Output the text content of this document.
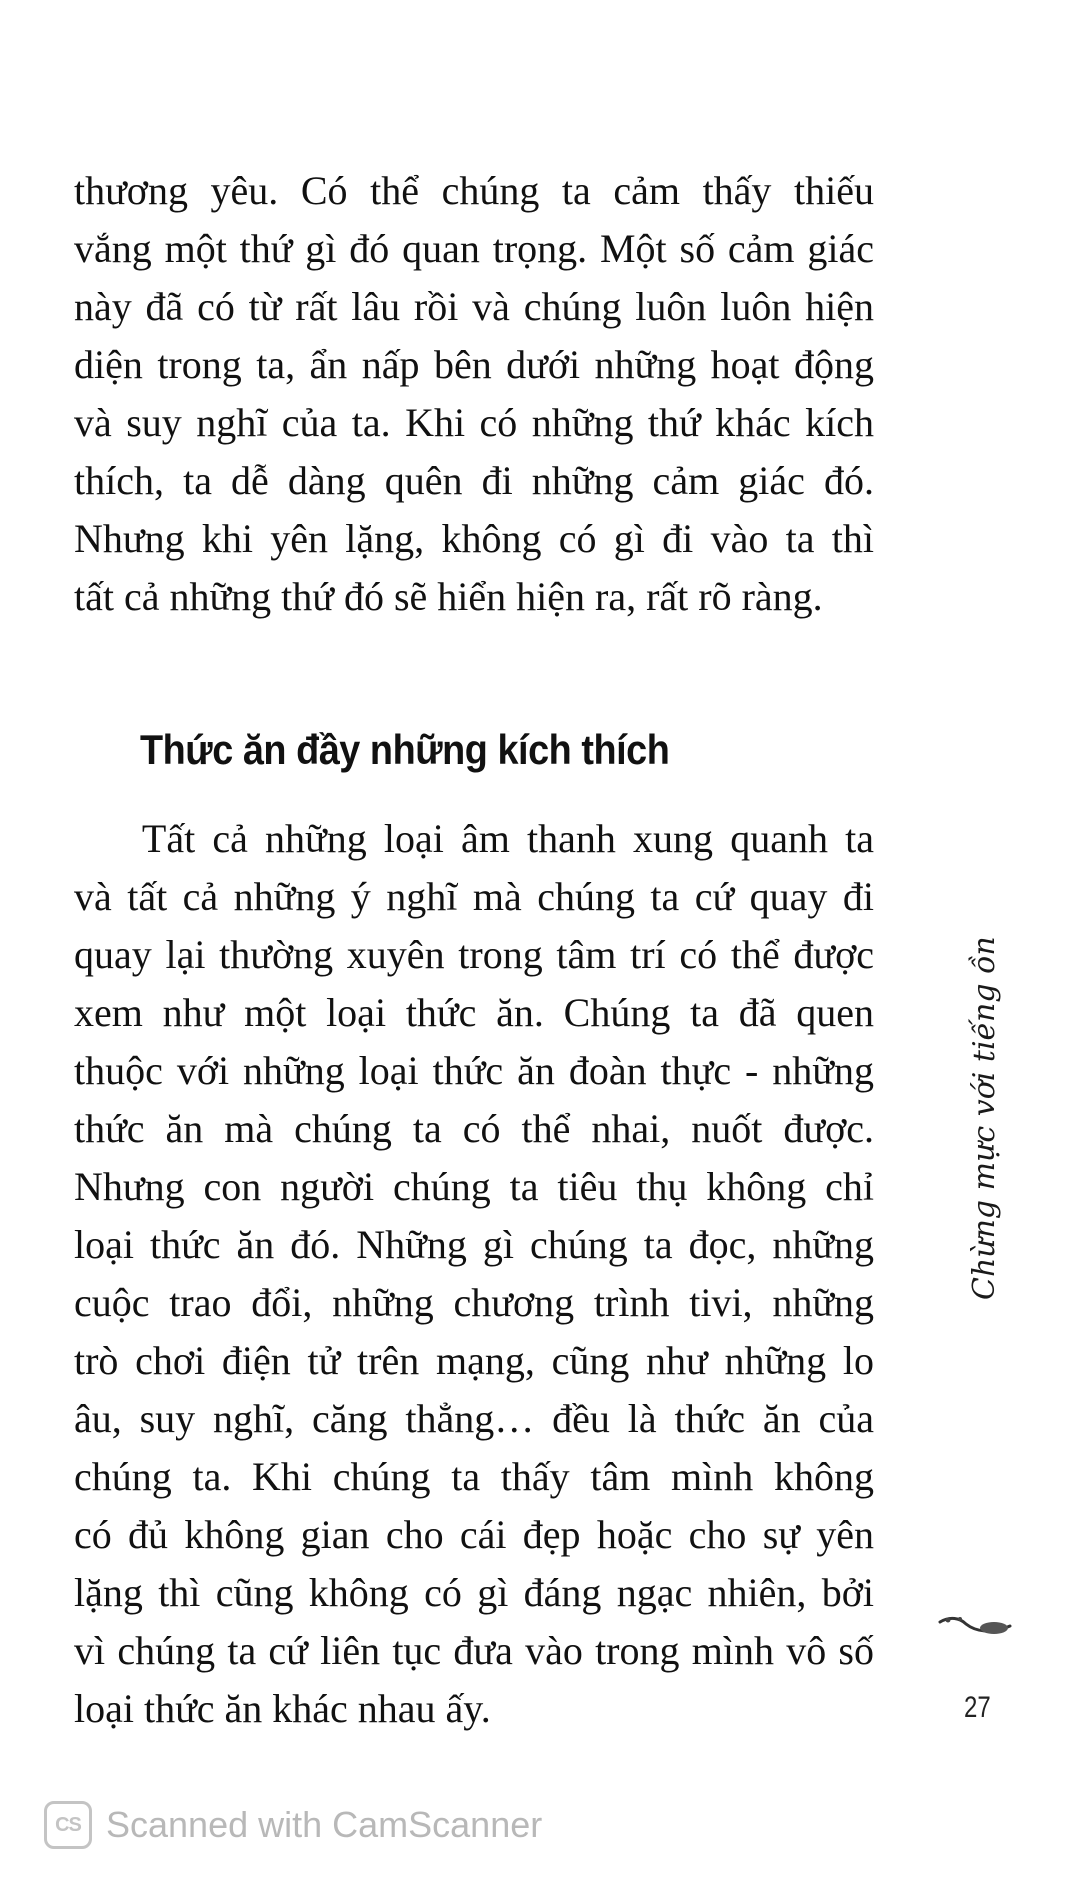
thương yêu. Có thể chúng ta cảm thấy thiếu
vắng một thứ gì đó quan trọng. Một số cảm giác
này đã có từ rất lâu rồi và chúng luôn luôn hiện
diện trong ta, ẩn nấp bên dưới những hoạt động
và suy nghĩ của ta. Khi có những thứ khác kích
thích, ta dễ dàng quên đi những cảm giác đó.
Nhưng khi yên lặng, không có gì đi vào ta thì
tất cả những thứ đó sẽ hiển hiện ra, rất rõ ràng.
Thức ăn đầy những kích thích
Tất cả những loại âm thanh xung quanh ta
và tất cả những ý nghĩ mà chúng ta cứ quay đi
quay lại thường xuyên trong tâm trí có thể được
xem như một loại thức ăn. Chúng ta đã quen
thuộc với những loại thức ăn đoàn thực - những
thức ăn mà chúng ta có thể nhai, nuốt được.
Nhưng con người chúng ta tiêu thụ không chỉ
loại thức ăn đó. Những gì chúng ta đọc, những
cuộc trao đổi, những chương trình tivi, những
trò chơi điện tử trên mạng, cũng như những lo
âu, suy nghĩ, căng thẳng… đều là thức ăn của
chúng ta. Khi chúng ta thấy tâm mình không
có đủ không gian cho cái đẹp hoặc cho sự yên
lặng thì cũng không có gì đáng ngạc nhiên, bởi
vì chúng ta cứ liên tục đưa vào trong mình vô số
loại thức ăn khác nhau ấy.
Chừng mực với tiếng ồn
27
CS Scanned with CamScanner
